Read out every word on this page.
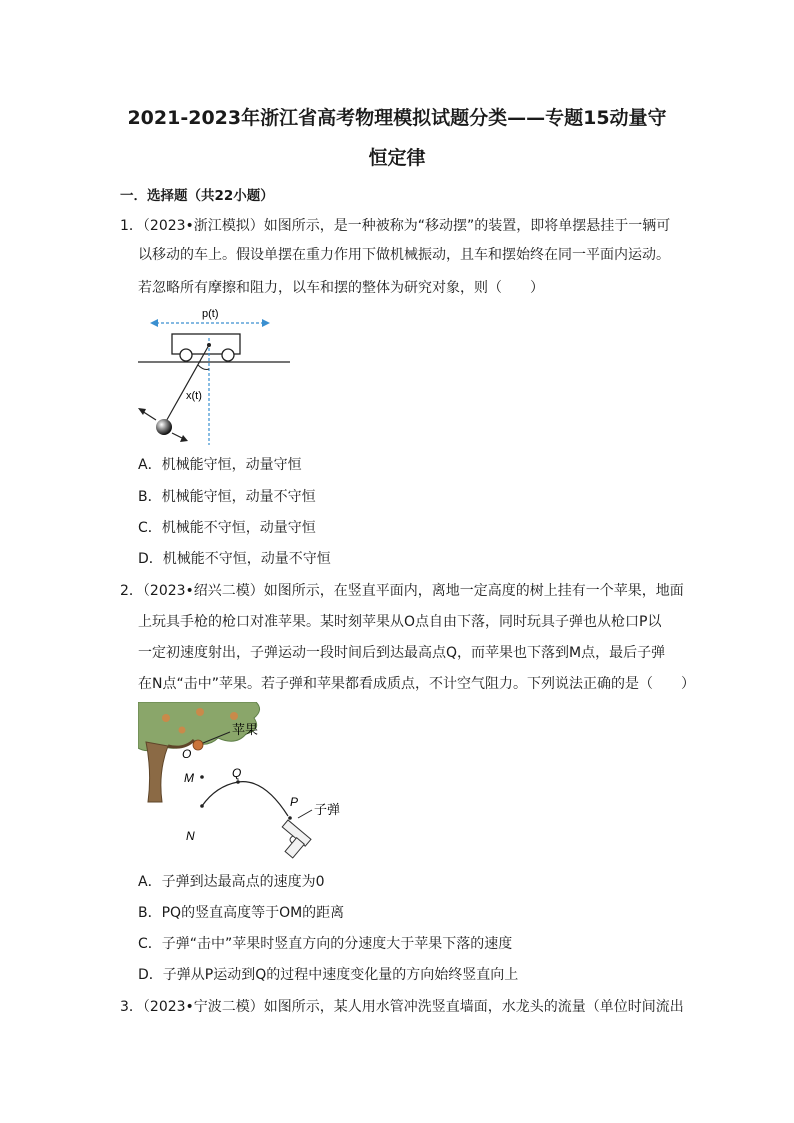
2021-2023年浙江省高考物理模拟试题分类——专题15动量守
恒定律
一．选择题（共22小题）
1．（2023•浙江模拟）如图所示，是一种被称为“移动摆”的装置，即将单摆悬挂于一辆可
以移动的车上。假设单摆在重力作用下做机械振动，且车和摆始终在同一平面内运动。
若忽略所有摩擦和阻力，以车和摆的整体为研究对象，则（　　）
p(t)
x(t)
A．机械能守恒，动量守恒
B．机械能守恒，动量不守恒
C．机械能不守恒，动量守恒
D．机械能不守恒，动量不守恒
2．（2023•绍兴二模）如图所示，在竖直平面内，离地一定高度的树上挂有一个苹果，地面
上玩具手枪的枪口对准苹果。某时刻苹果从O点自由下落，同时玩具子弹也从枪口P以
一定初速度射出，子弹运动一段时间后到达最高点Q，而苹果也下落到M点，最后子弹
在N点“击中”苹果。若子弹和苹果都看成质点，不计空气阻力。下列说法正确的是（　　）
苹果
O
M	Q
N
P
子弹
A．子弹到达最高点的速度为0
B．PQ的竖直高度等于OM的距离
C．子弹“击中”苹果时竖直方向的分速度大于苹果下落的速度
D．子弹从P运动到Q的过程中速度变化量的方向始终竖直向上
3．（2023•宁波二模）如图所示，某人用水管冲洗竖直墙面，水龙头的流量（单位时间流出
